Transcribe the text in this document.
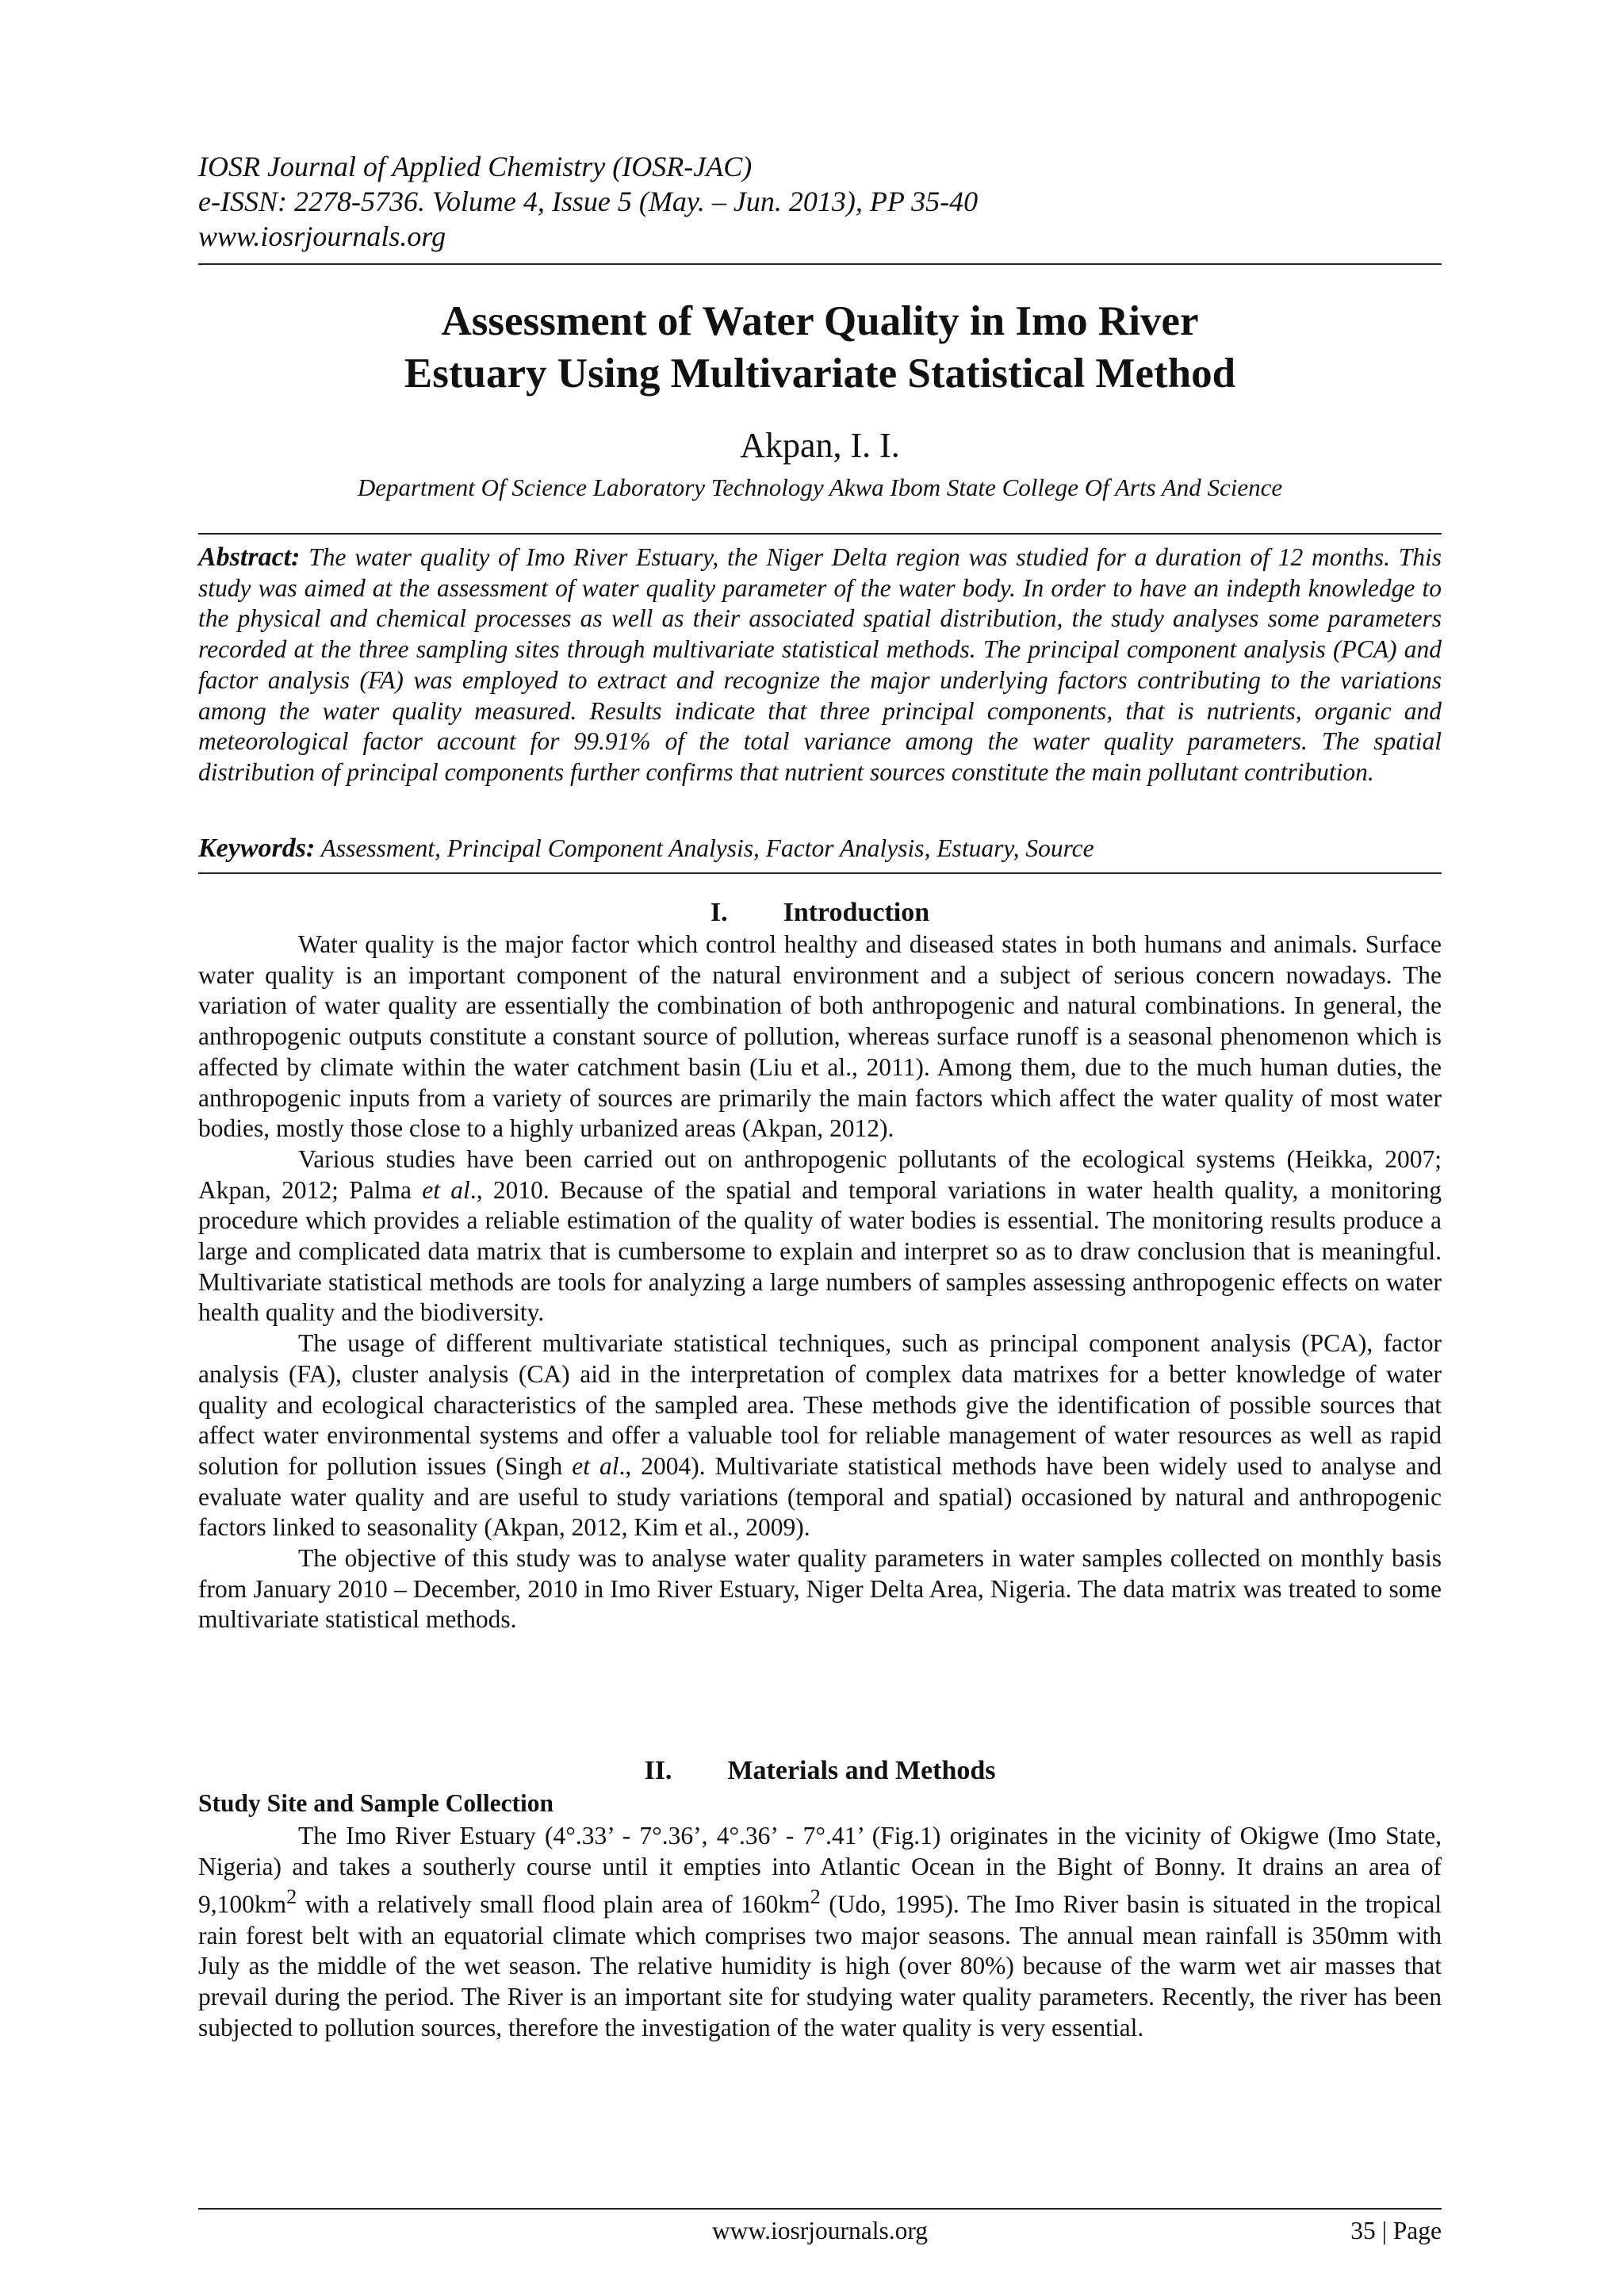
IOSR Journal of Applied Chemistry (IOSR-JAC)
e-ISSN: 2278-5736. Volume 4, Issue 5 (May. – Jun. 2013), PP 35-40
www.iosrjournals.org
Assessment of Water Quality in Imo River
Estuary Using Multivariate Statistical Method
Akpan, I. I.
Department Of Science Laboratory Technology Akwa Ibom State College Of Arts And Science

Abstract: The water quality of Imo River Estuary, the Niger Delta region was studied for a duration of 12 months. This study was aimed at the assessment of water quality parameter of the water body. In order to have an indepth knowledge to the physical and chemical processes as well as their associated spatial distribution, the study analyses some parameters recorded at the three sampling sites through multivariate statistical methods. The principal component analysis (PCA) and factor analysis (FA) was employed to extract and recognize the major underlying factors contributing to the variations among the water quality measured. Results indicate that three principal components, that is nutrients, organic and meteorological factor account for 99.91% of the total variance among the water quality parameters. The spatial distribution of principal components further confirms that nutrient sources constitute the main pollutant contribution.

Keywords: Assessment, Principal Component Analysis, Factor Analysis, Estuary, Source

I. Introduction

Water quality is the major factor which control healthy and diseased states in both humans and animals. Surface water quality is an important component of the natural environment and a subject of serious concern nowadays. The variation of water quality are essentially the combination of both anthropogenic and natural combinations. In general, the anthropogenic outputs constitute a constant source of pollution, whereas surface runoff is a seasonal phenomenon which is affected by climate within the water catchment basin (Liu et al., 2011). Among them, due to the much human duties, the anthropogenic inputs from a variety of sources are primarily the main factors which affect the water quality of most water bodies, mostly those close to a highly urbanized areas (Akpan, 2012).

Various studies have been carried out on anthropogenic pollutants of the ecological systems (Heikka, 2007; Akpan, 2012; Palma et al., 2010. Because of the spatial and temporal variations in water health quality, a monitoring procedure which provides a reliable estimation of the quality of water bodies is essential. The monitoring results produce a large and complicated data matrix that is cumbersome to explain and interpret so as to draw conclusion that is meaningful. Multivariate statistical methods are tools for analyzing a large numbers of samples assessing anthropogenic effects on water health quality and the biodiversity.

The usage of different multivariate statistical techniques, such as principal component analysis (PCA), factor analysis (FA), cluster analysis (CA) aid in the interpretation of complex data matrixes for a better knowledge of water quality and ecological characteristics of the sampled area. These methods give the identification of possible sources that affect water environmental systems and offer a valuable tool for reliable management of water resources as well as rapid solution for pollution issues (Singh et al., 2004). Multivariate statistical methods have been widely used to analyse and evaluate water quality and are useful to study variations (temporal and spatial) occasioned by natural and anthropogenic factors linked to seasonality (Akpan, 2012, Kim et al., 2009).

The objective of this study was to analyse water quality parameters in water samples collected on monthly basis from January 2010 – December, 2010 in Imo River Estuary, Niger Delta Area, Nigeria. The data matrix was treated to some multivariate statistical methods.

II. Materials and Methods
Study Site and Sample Collection

The Imo River Estuary (4°.33’ - 7°.36’, 4°.36’ - 7°.41’ (Fig.1) originates in the vicinity of Okigwe (Imo State, Nigeria) and takes a southerly course until it empties into Atlantic Ocean in the Bight of Bonny. It drains an area of $9,100km^2$ with a relatively small flood plain area of $160km^2$ (Udo, 1995). The Imo River basin is situated in the tropical rain forest belt with an equatorial climate which comprises two major seasons. The annual mean rainfall is 350mm with July as the middle of the wet season. The relative humidity is high (over 80%) because of the warm wet air masses that prevail during the period. The River is an important site for studying water quality parameters. Recently, the river has been subjected to pollution sources, therefore the investigation of the water quality is very essential.

www.iosrjournals.org	35 | Page
